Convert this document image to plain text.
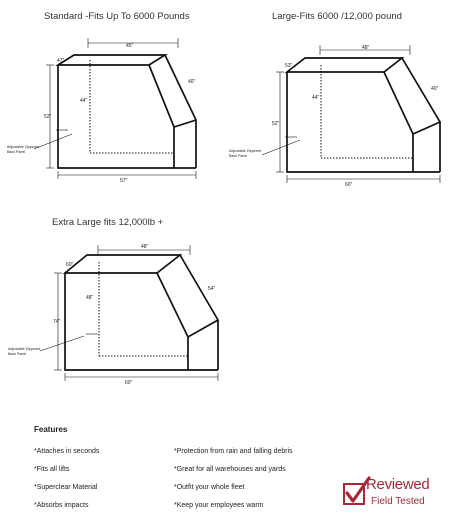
Standard -Fits Up To 6000 Pounds	Large-Fits 6000 /12,000 pound
Extra Large fits 12,000lb +
45"
47"
40"
52"
44"
57"
Adjustable Zippered
Back Panel
48"
53"
40"
52"
44"
60"
Adjustable Zippered
Back Panel
48"
60"
54"
74"
48"
60"
Adjustable Zippered
Back Panel
Features
*Attaches in seconds
*Fits all lifts
*Superclear Material
*Absorbs impacts
*Protection from rain and falling debris
*Great for all warehouses and yards
*Outfit your whole fleet
*Keep your employees warm
Reviewed
Field Tested
